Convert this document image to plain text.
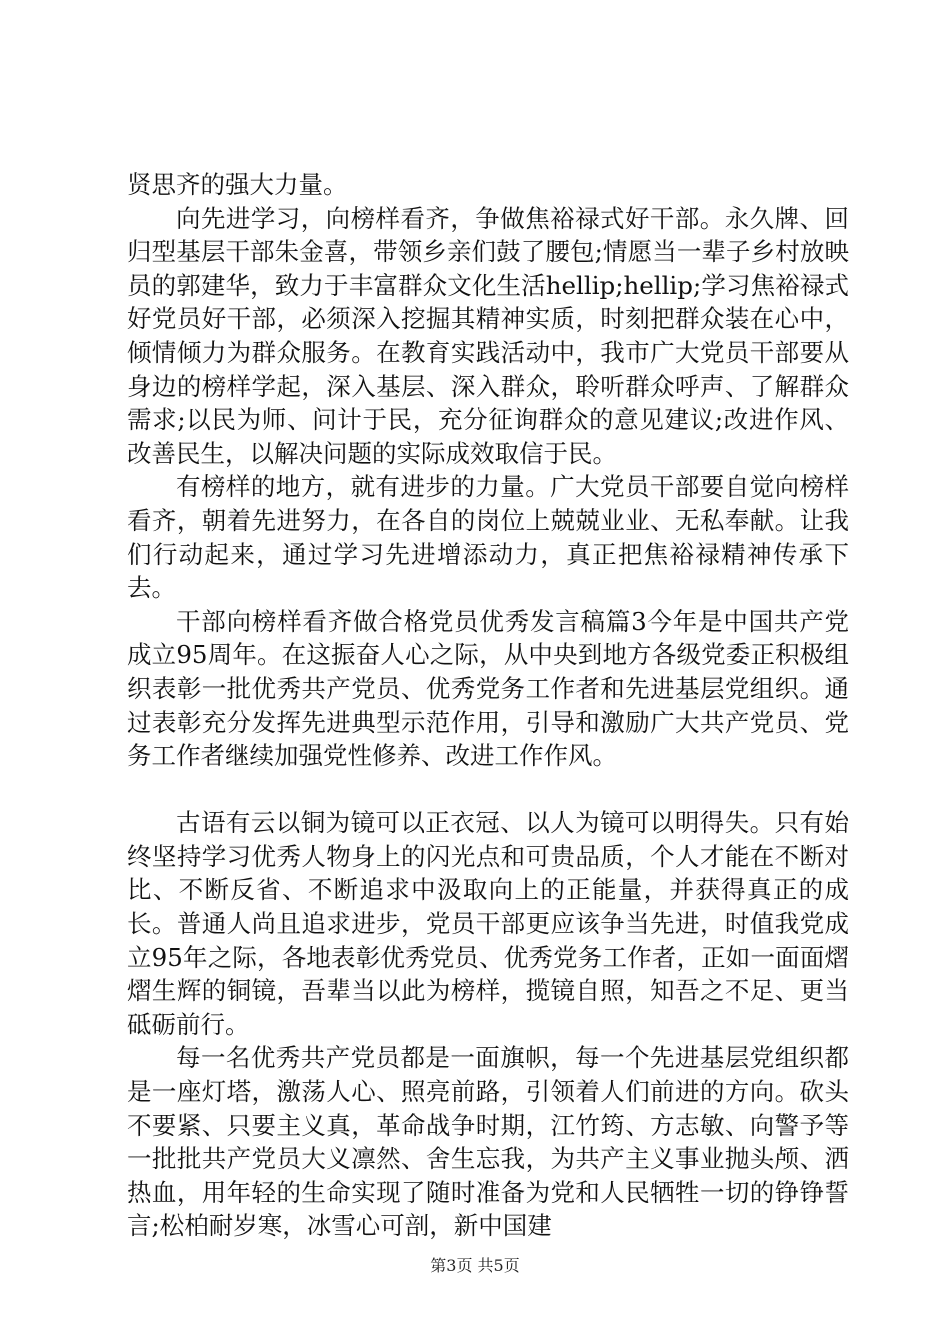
贤思齐的强大力量。

向先进学习，向榜样看齐，争做焦裕禄式好干部。永久牌、回归型基层干部朱金喜，带领乡亲们鼓了腰包;情愿当一辈子乡村放映员的郭建华，致力于丰富群众文化生活hellip;hellip;学习焦裕禄式好党员好干部，必须深入挖掘其精神实质，时刻把群众装在心中，倾情倾力为群众服务。在教育实践活动中，我市广大党员干部要从身边的榜样学起，深入基层、深入群众，聆听群众呼声、了解群众需求;以民为师、问计于民，充分征询群众的意见建议;改进作风、改善民生，以解决问题的实际成效取信于民。

有榜样的地方，就有进步的力量。广大党员干部要自觉向榜样看齐，朝着先进努力，在各自的岗位上兢兢业业、无私奉献。让我们行动起来，通过学习先进增添动力，真正把焦裕禄精神传承下去。

干部向榜样看齐做合格党员优秀发言稿篇3今年是中国共产党成立95周年。在这振奋人心之际，从中央到地方各级党委正积极组织表彰一批优秀共产党员、优秀党务工作者和先进基层党组织。通过表彰充分发挥先进典型示范作用，引导和激励广大共产党员、党务工作者继续加强党性修养、改进工作作风。

古语有云以铜为镜可以正衣冠、以人为镜可以明得失。只有始终坚持学习优秀人物身上的闪光点和可贵品质，个人才能在不断对比、不断反省、不断追求中汲取向上的正能量，并获得真正的成长。普通人尚且追求进步，党员干部更应该争当先进，时值我党成立95年之际，各地表彰优秀党员、优秀党务工作者，正如一面面熠熠生辉的铜镜，吾辈当以此为榜样，揽镜自照，知吾之不足、更当砥砺前行。

每一名优秀共产党员都是一面旗帜，每一个先进基层党组织都是一座灯塔，激荡人心、照亮前路，引领着人们前进的方向。砍头不要紧、只要主义真，革命战争时期，江竹筠、方志敏、向警予等一批批共产党员大义凛然、舍生忘我，为共产主义事业抛头颅、洒热血，用年轻的生命实现了随时准备为党和人民牺牲一切的铮铮誓言;松柏耐岁寒，冰雪心可剖，新中国建

第3页 共5页
